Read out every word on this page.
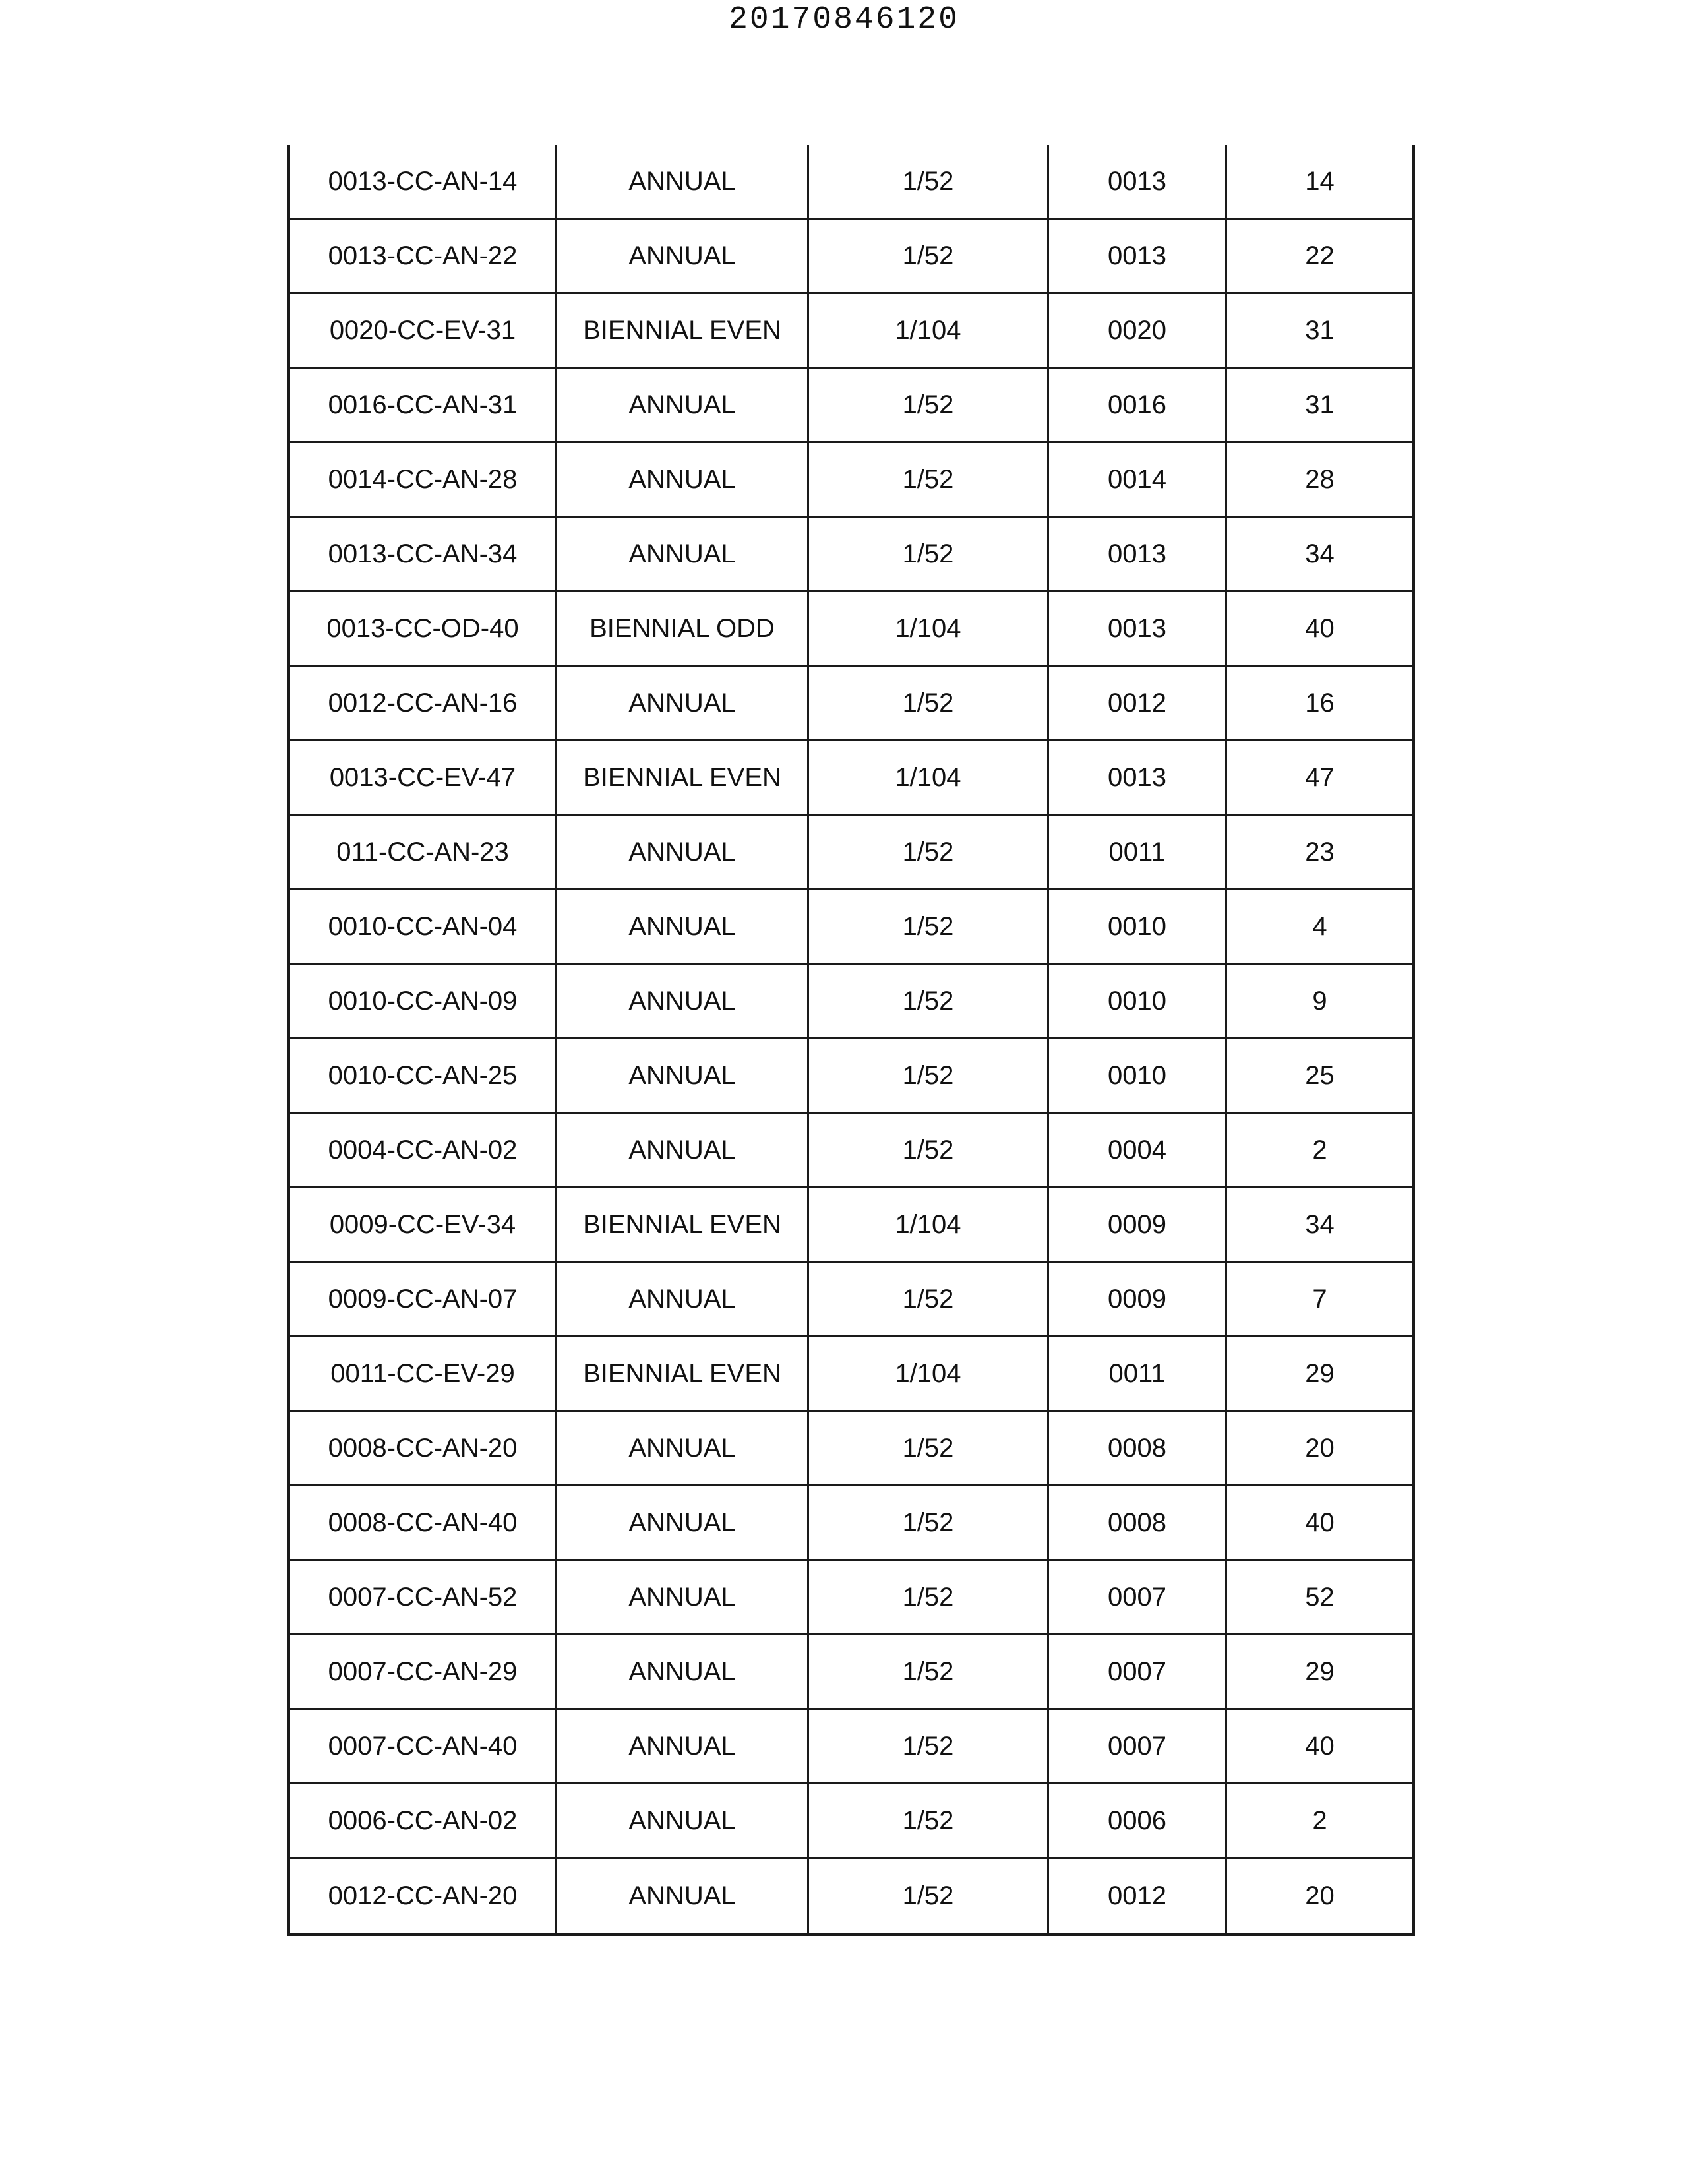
20170846120
0013-CC-AN-14	ANNUAL	1/52	0013	14
0013-CC-AN-22	ANNUAL	1/52	0013	22
0020-CC-EV-31	BIENNIAL EVEN	1/104	0020	31
0016-CC-AN-31	ANNUAL	1/52	0016	31
0014-CC-AN-28	ANNUAL	1/52	0014	28
0013-CC-AN-34	ANNUAL	1/52	0013	34
0013-CC-OD-40	BIENNIAL ODD	1/104	0013	40
0012-CC-AN-16	ANNUAL	1/52	0012	16
0013-CC-EV-47	BIENNIAL EVEN	1/104	0013	47
011-CC-AN-23	ANNUAL	1/52	0011	23
0010-CC-AN-04	ANNUAL	1/52	0010	4
0010-CC-AN-09	ANNUAL	1/52	0010	9
0010-CC-AN-25	ANNUAL	1/52	0010	25
0004-CC-AN-02	ANNUAL	1/52	0004	2
0009-CC-EV-34	BIENNIAL EVEN	1/104	0009	34
0009-CC-AN-07	ANNUAL	1/52	0009	7
0011-CC-EV-29	BIENNIAL EVEN	1/104	0011	29
0008-CC-AN-20	ANNUAL	1/52	0008	20
0008-CC-AN-40	ANNUAL	1/52	0008	40
0007-CC-AN-52	ANNUAL	1/52	0007	52
0007-CC-AN-29	ANNUAL	1/52	0007	29
0007-CC-AN-40	ANNUAL	1/52	0007	40
0006-CC-AN-02	ANNUAL	1/52	0006	2
0012-CC-AN-20	ANNUAL	1/52	0012	20
